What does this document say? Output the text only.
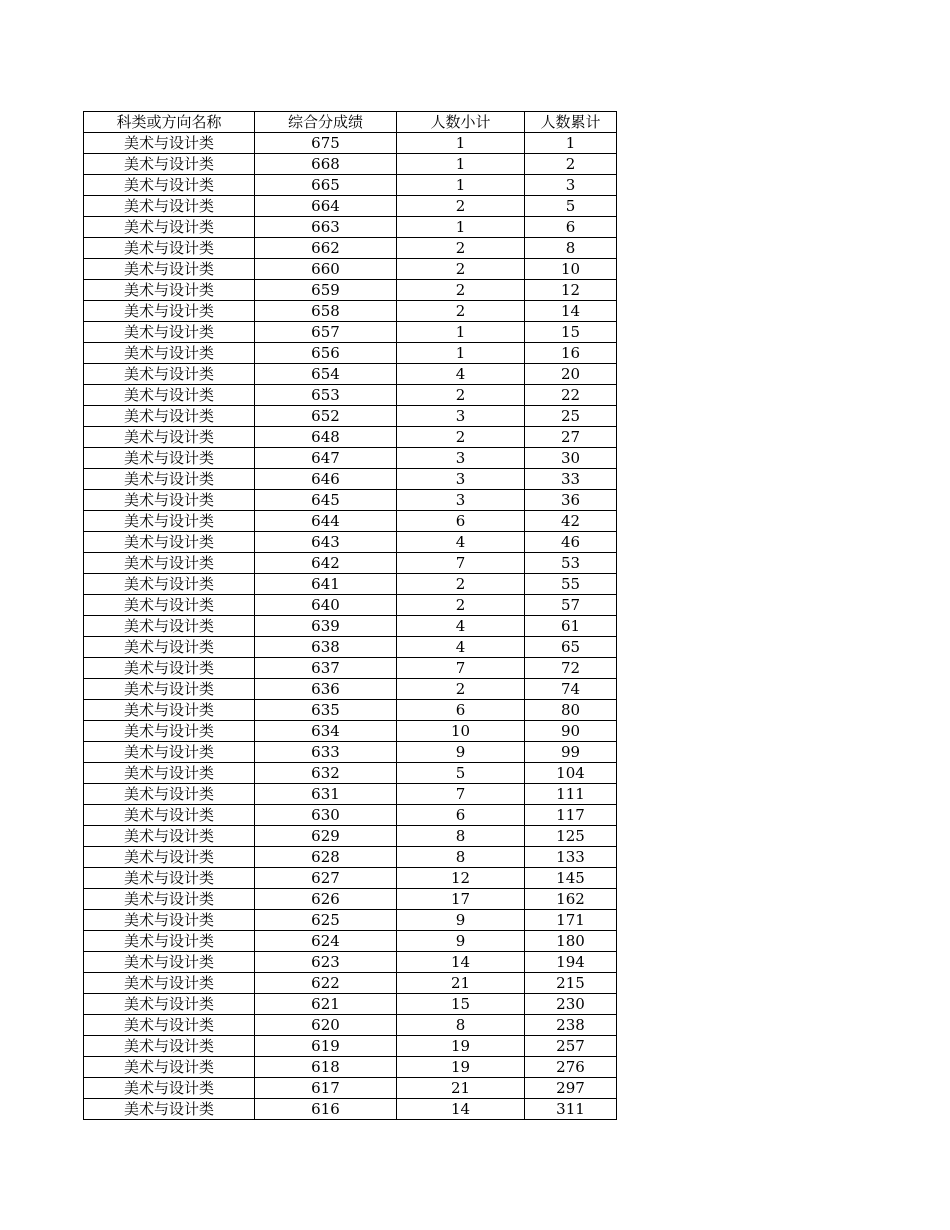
科类或方向名称	综合分成绩	人数小计	人数累计
美术与设计类	675	1	1
美术与设计类	668	1	2
美术与设计类	665	1	3
美术与设计类	664	2	5
美术与设计类	663	1	6
美术与设计类	662	2	8
美术与设计类	660	2	10
美术与设计类	659	2	12
美术与设计类	658	2	14
美术与设计类	657	1	15
美术与设计类	656	1	16
美术与设计类	654	4	20
美术与设计类	653	2	22
美术与设计类	652	3	25
美术与设计类	648	2	27
美术与设计类	647	3	30
美术与设计类	646	3	33
美术与设计类	645	3	36
美术与设计类	644	6	42
美术与设计类	643	4	46
美术与设计类	642	7	53
美术与设计类	641	2	55
美术与设计类	640	2	57
美术与设计类	639	4	61
美术与设计类	638	4	65
美术与设计类	637	7	72
美术与设计类	636	2	74
美术与设计类	635	6	80
美术与设计类	634	10	90
美术与设计类	633	9	99
美术与设计类	632	5	104
美术与设计类	631	7	111
美术与设计类	630	6	117
美术与设计类	629	8	125
美术与设计类	628	8	133
美术与设计类	627	12	145
美术与设计类	626	17	162
美术与设计类	625	9	171
美术与设计类	624	9	180
美术与设计类	623	14	194
美术与设计类	622	21	215
美术与设计类	621	15	230
美术与设计类	620	8	238
美术与设计类	619	19	257
美术与设计类	618	19	276
美术与设计类	617	21	297
美术与设计类	616	14	311
